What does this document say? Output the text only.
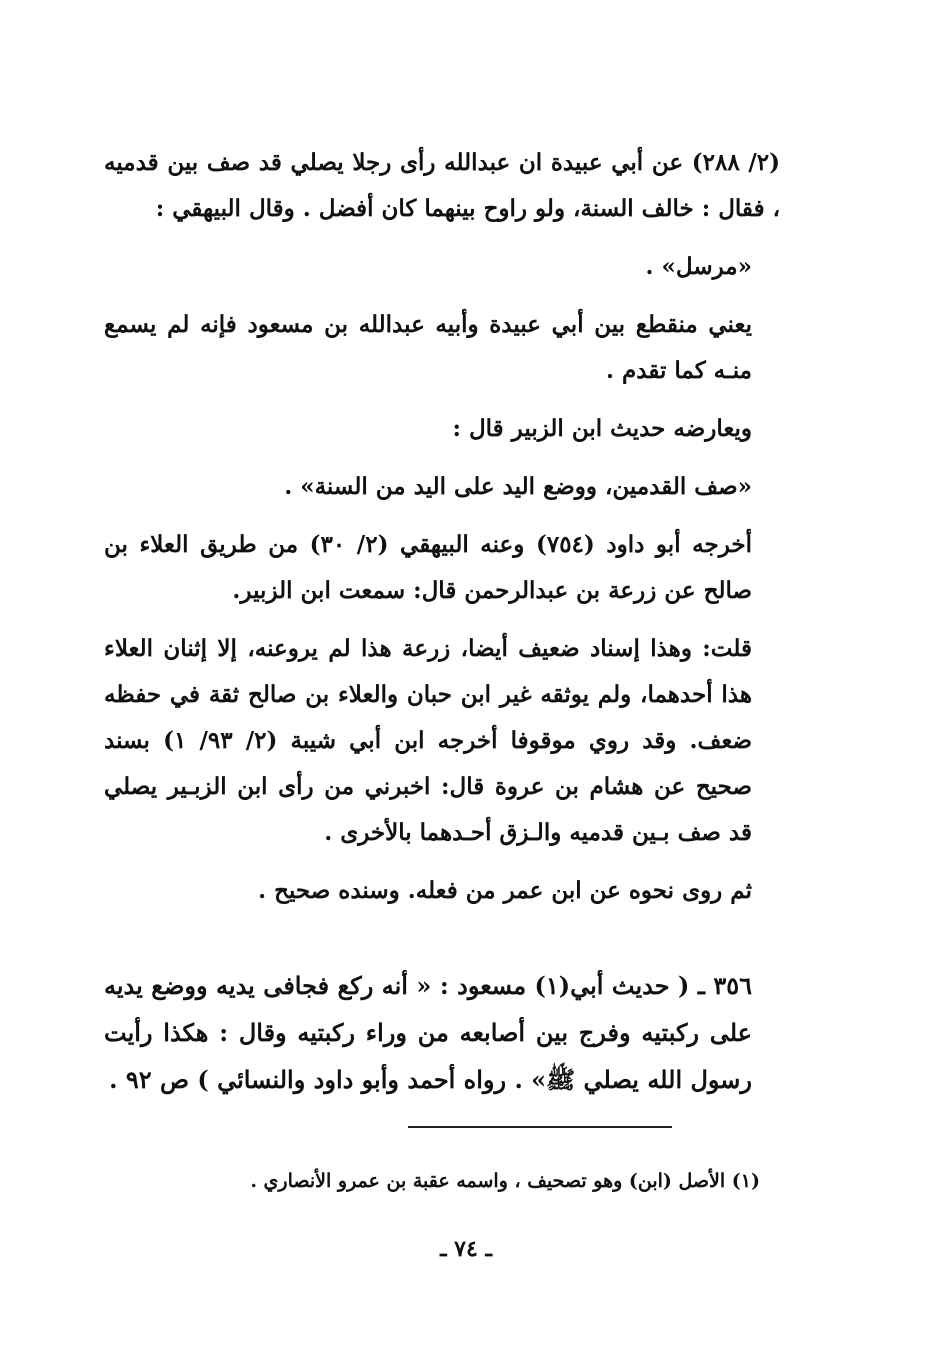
(٢/ ٢٨٨) عن أبي عبيدة ان عبدالله رأى رجلا يصلي قد صف بين قدميه ، فقال : خالف السنة، ولو راوح بينهما كان أفضل . وقال البيهقي :

«مرسل» .

يعني منقطع بين أبي عبيدة وأبيه عبدالله بن مسعود فإنه لم يسمع منـه كما تقدم .

ويعارضه حديث ابن الزبير قال :

«صف القدمين، ووضع اليد على اليد من السنة» .

أخرجه أبو داود (٧٥٤) وعنه البيهقي (٢/ ٣٠) من طريق العلاء بن صالح عن زرعة بن عبدالرحمن قال: سمعت ابن الزبير.

قلت: وهذا إسناد ضعيف أيضا، زرعة هذا لم يروعنه، إلا إثنان العلاء هذا أحدهما، ولم يوثقه غير ابن حبان والعلاء بن صالح ثقة في حفظه ضعف. وقد روي موقوفا أخرجه ابن أبي شيبة (٢/ ٩٣/ ١) بسند صحيح عن هشام بن عروة قال: اخبرني من رأى ابن الزبـير يصلي قد صف بـين قدميه والـزق أحـدهما بالأخرى .

ثم روى نحوه عن ابن عمر من فعله. وسنده صحيح .

٣٥٦ ـ ( حديث أبي(١) مسعود : « أنه ركع فجافى يديه ووضع يديه على ركبتيه وفرج بين أصابعه من وراء ركبتيه وقال : هكذا رأيت رسول الله يصلي ﷺ» . رواه أحمد وأبو داود والنسائي ) ص ٩٢ .

(١) الأصل (ابن) وهو تصحيف ، واسمه عقبة بن عمرو الأنصاري .
ـ ٧٤ ـ
